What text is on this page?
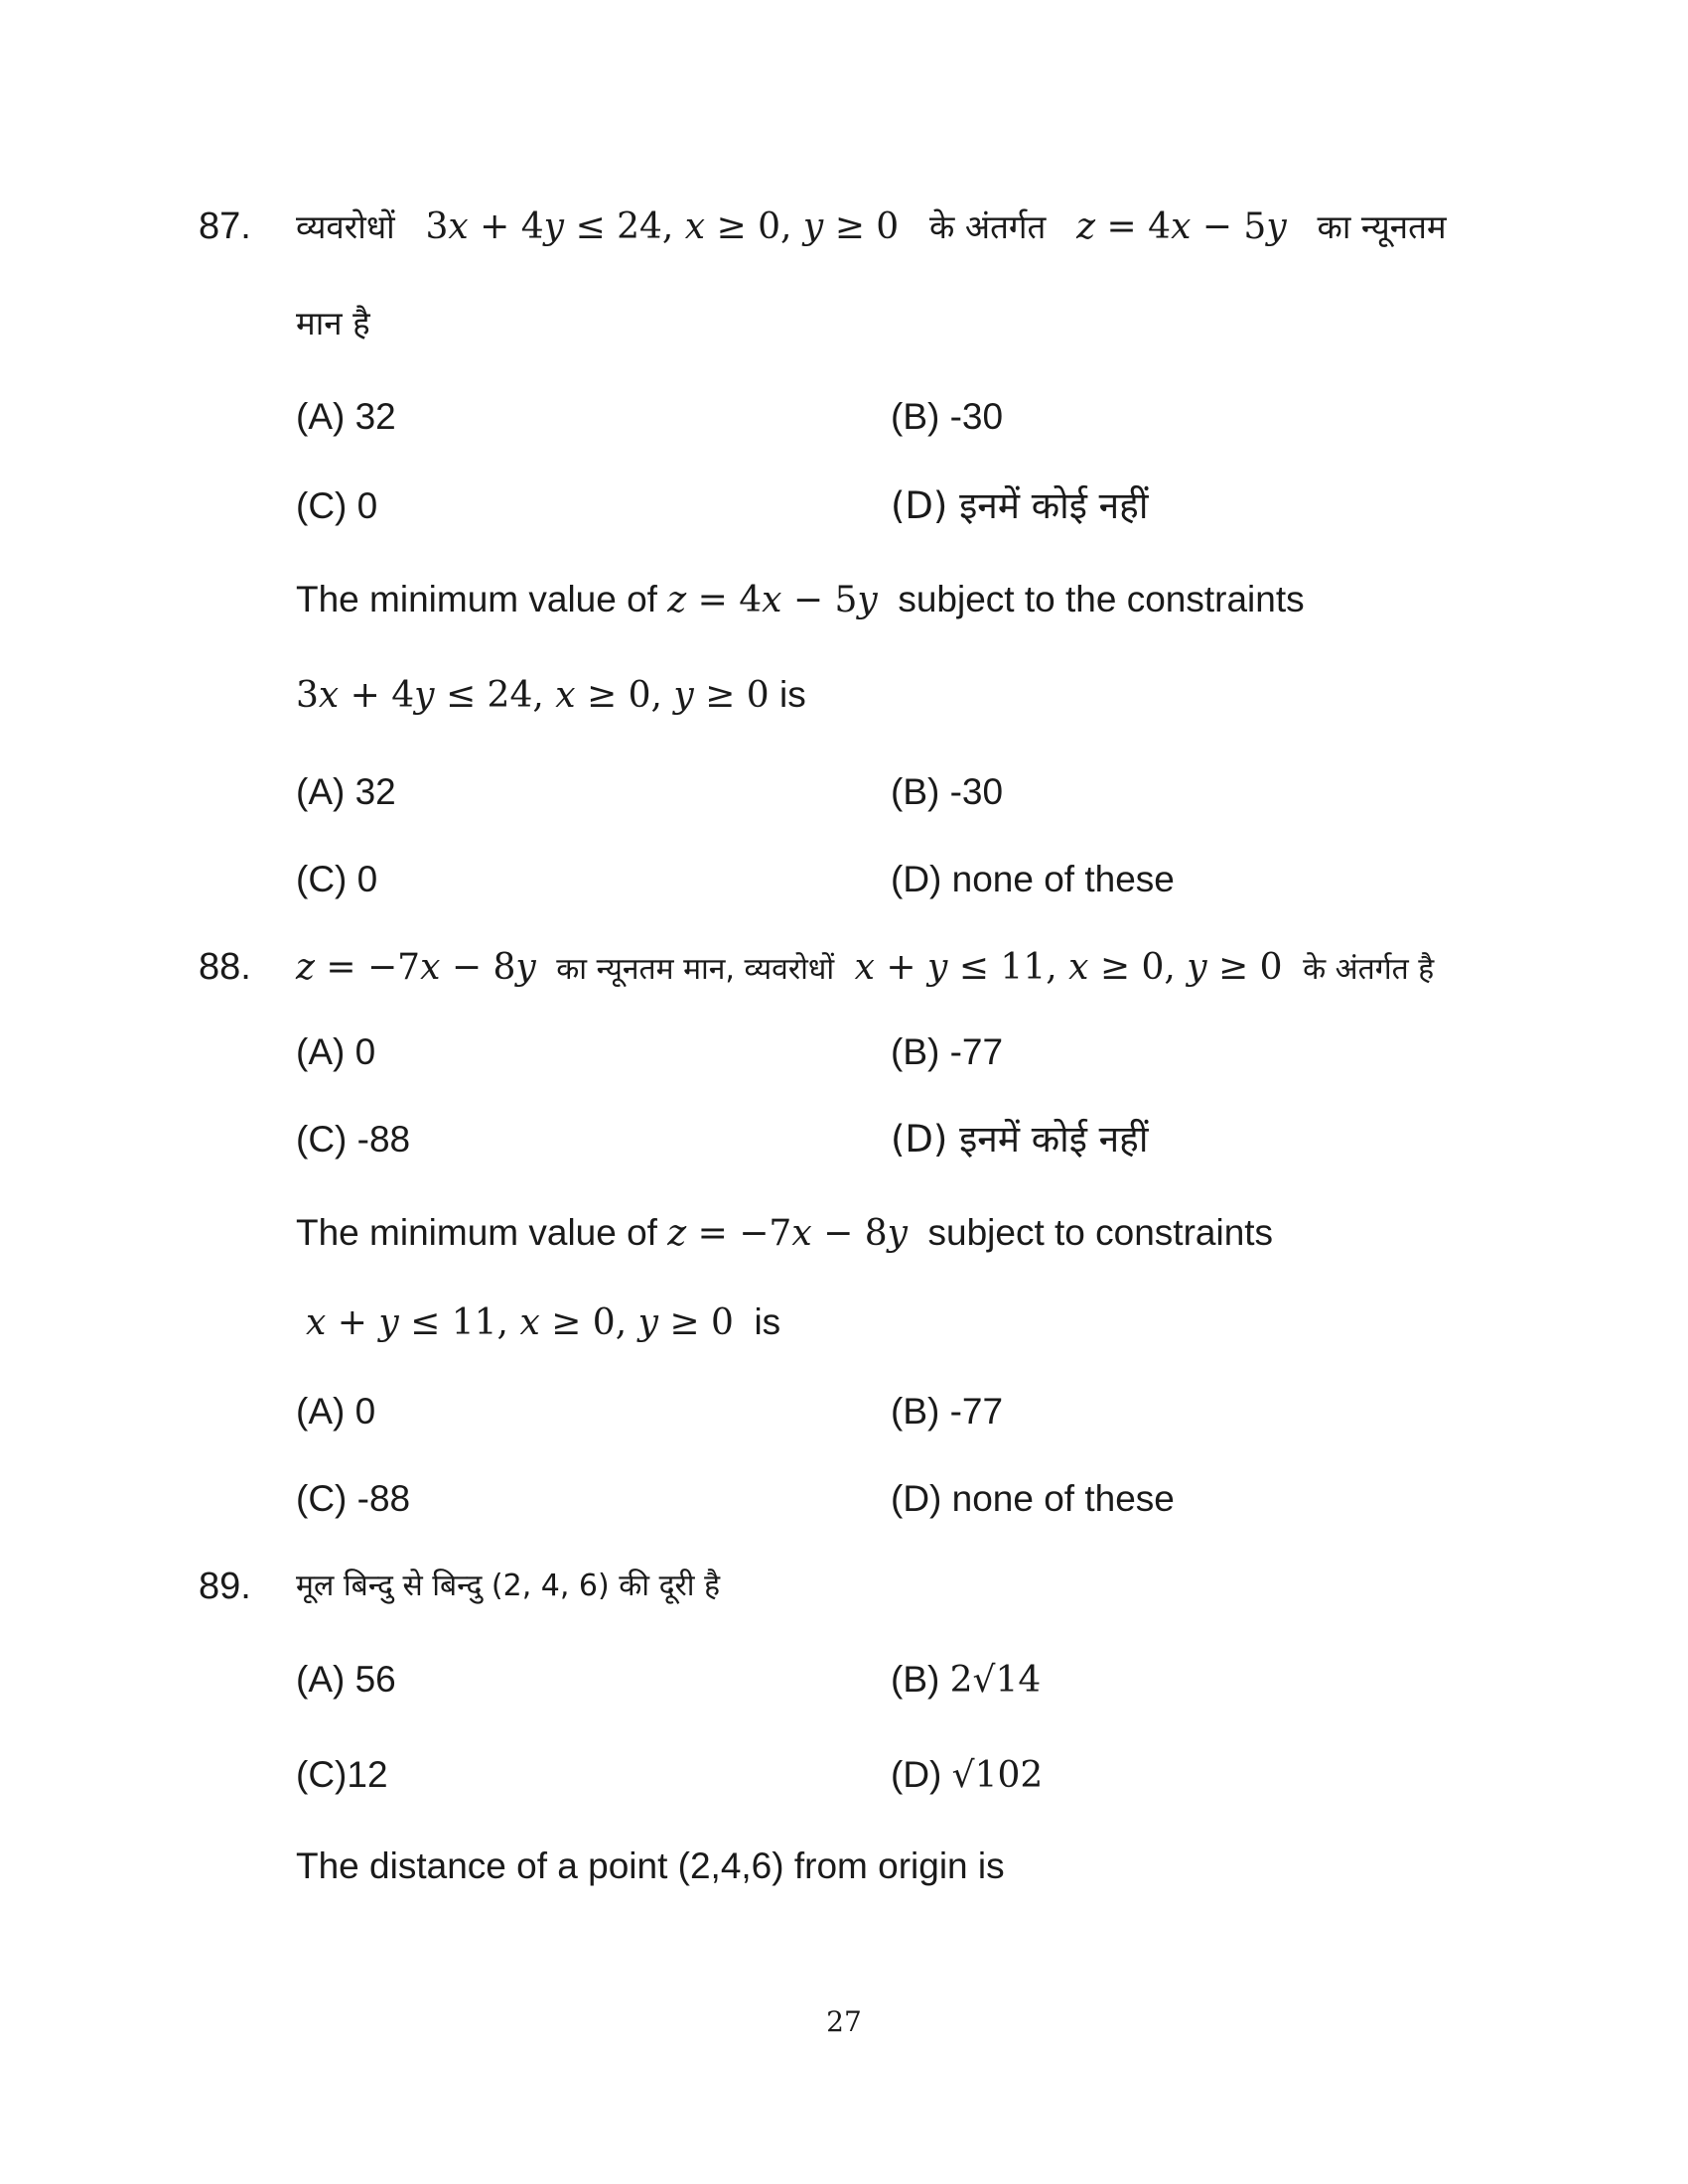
87. व्यवरोधों 3𝑥 + 4𝑦 ≤ 24, 𝑥 ≥ 0, 𝑦 ≥ 0 के अंतर्गत 𝑧 = 4𝑥 − 5𝑦 का न्यूनतम
मान है
(A) 32	(B) -30
(C) 0	(D) इनमें कोई नहीं
The minimum value of 𝑧 = 4𝑥 − 5𝑦 subject to the constraints
3𝑥 + 4𝑦 ≤ 24, 𝑥 ≥ 0, 𝑦 ≥ 0 is
(A) 32	(B) -30
(C) 0	(D) none of these
88. 𝑧 = −7𝑥 − 8𝑦 का न्यूनतम मान, व्यवरोधों 𝑥 + 𝑦 ≤ 11, 𝑥 ≥ 0, 𝑦 ≥ 0 के अंतर्गत है
(A) 0	(B) -77
(C) -88	(D) इनमें कोई नहीं
The minimum value of 𝑧 = −7𝑥 − 8𝑦 subject to constraints
𝑥 + 𝑦 ≤ 11, 𝑥 ≥ 0, 𝑦 ≥ 0 is
(A) 0	(B) -77
(C) -88	(D) none of these
89. मूल बिन्दु से बिन्दु (2, 4, 6) की दूरी है
(A) 56	(B) 2√14
(C)12	(D) √102
The distance of a point (2,4,6) from origin is
27
